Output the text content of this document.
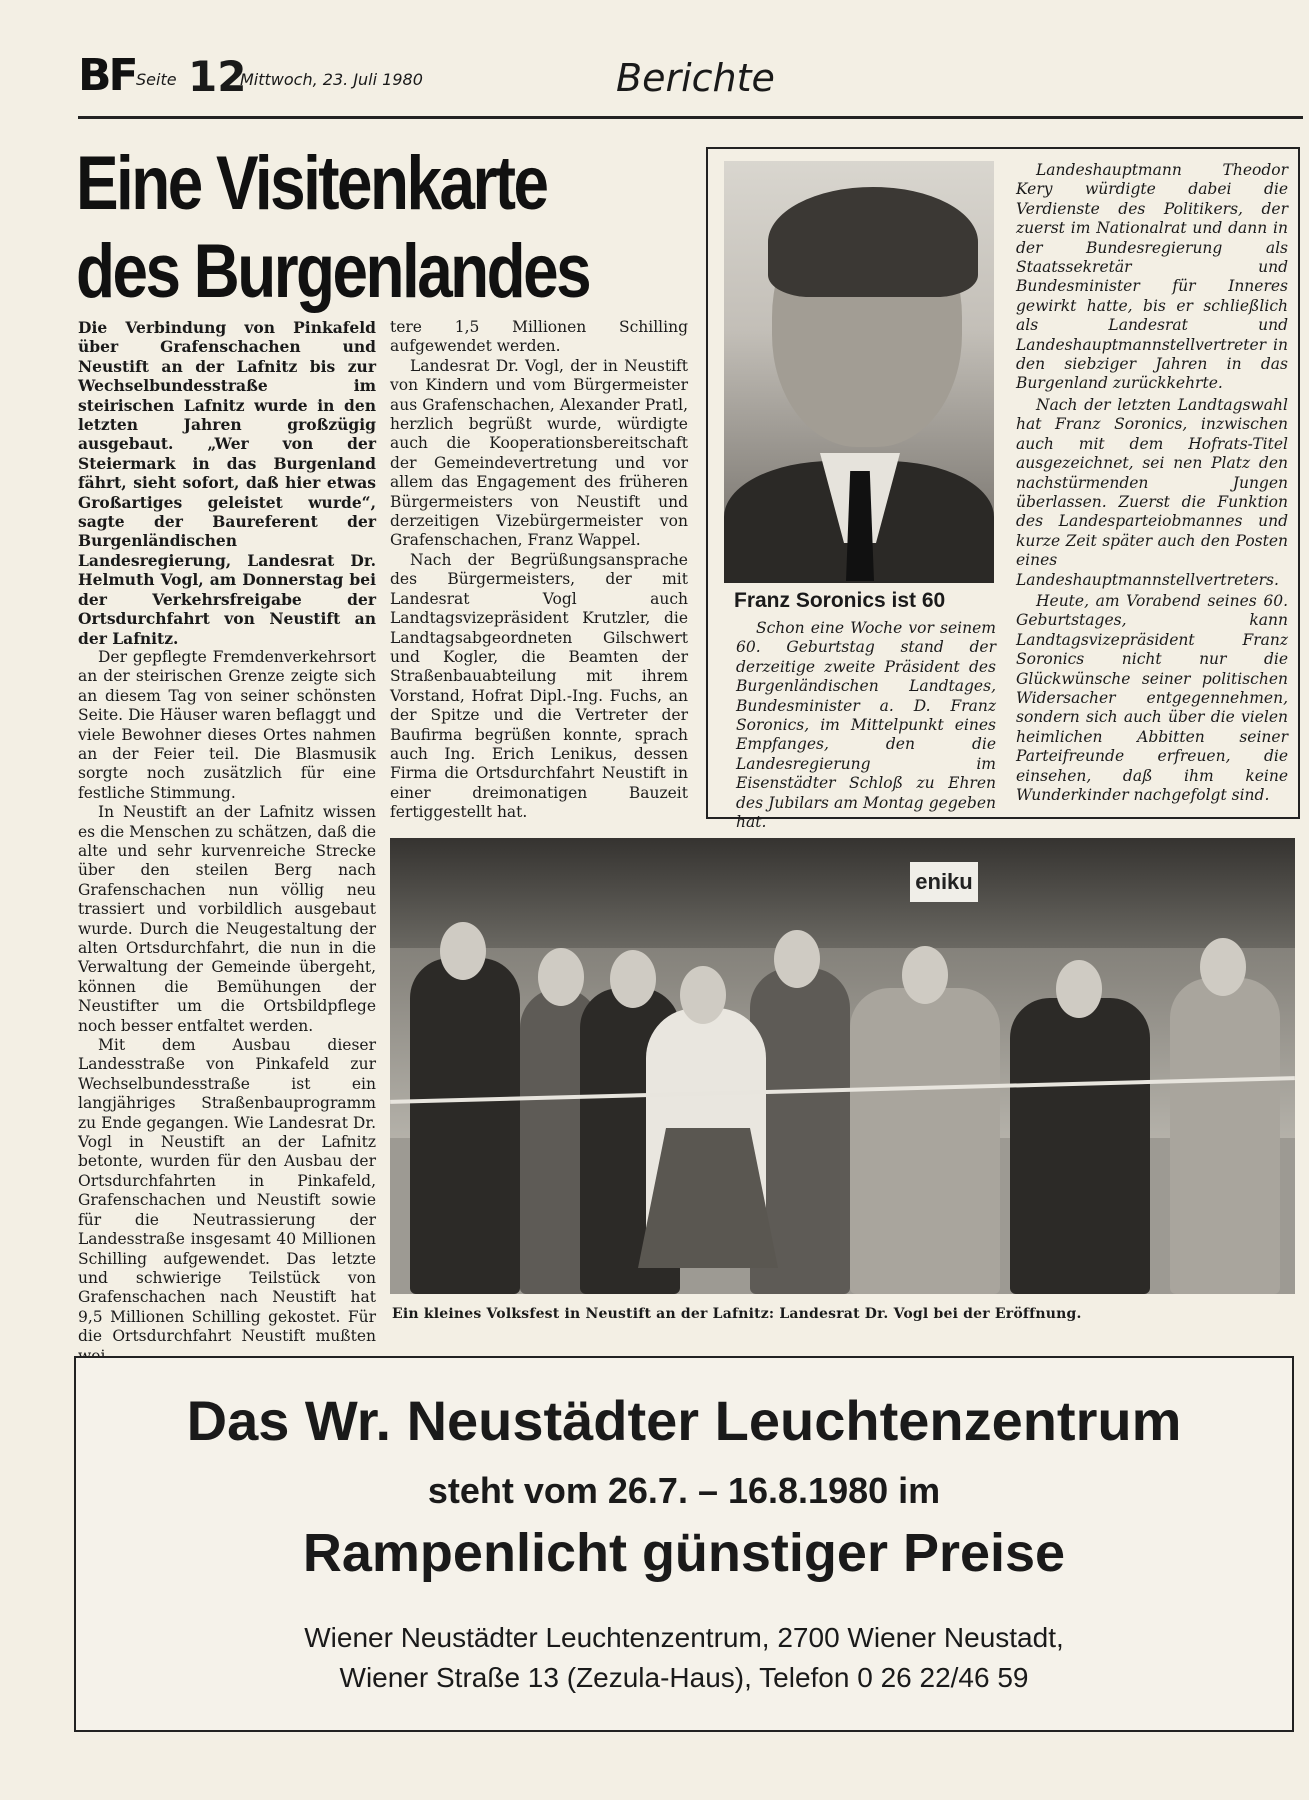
BF Seite 12
Mittwoch, 23. Juli 1980	Berichte
Eine Visitenkarte
des Burgenlandes

Die Verbindung von Pinkafeld über Grafenschachen und Neustift an der Lafnitz bis zur Wechselbundesstraße im steirischen Lafnitz wurde in den letzten Jahren großzügig ausgebaut. „Wer von der Steiermark in das Burgenland fährt, sieht sofort, daß hier etwas Großartiges geleistet wurde“, sagte der Baureferent der Burgenländischen Landesregierung, Landesrat Dr. Helmuth Vogl, am Donnerstag bei der Verkehrsfreigabe der Ortsdurchfahrt von Neustift an der Lafnitz.

Der gepflegte Fremdenverkehrsort an der steirischen Grenze zeigte sich an diesem Tag von seiner schönsten Seite. Die Häuser waren beflaggt und viele Bewohner dieses Ortes nahmen an der Feier teil. Die Blasmusik sorgte noch zusätzlich für eine festliche Stimmung.

In Neustift an der Lafnitz wissen es die Menschen zu schätzen, daß die alte und sehr kurvenreiche Strecke über den steilen Berg nach Grafenschachen nun völlig neu trassiert und vorbildlich ausgebaut wurde. Durch die Neugestaltung der alten Ortsdurchfahrt, die nun in die Verwaltung der Gemeinde übergeht, können die Bemühungen der Neustifter um die Ortsbildpflege noch besser entfaltet werden.

Mit dem Ausbau dieser Landesstraße von Pinkafeld zur Wechselbundesstraße ist ein langjähriges Straßenbauprogramm zu Ende gegangen. Wie Landesrat Dr. Vogl in Neustift an der Lafnitz betonte, wurden für den Ausbau der Ortsdurchfahrten in Pinkafeld, Grafenschachen und Neustift sowie für die Neutrassierung der Landesstraße insgesamt 40 Millionen Schilling aufgewendet. Das letzte und schwierige Teilstück von Grafenschachen nach Neustift hat 9,5 Millionen Schilling gekostet. Für die Ortsdurchfahrt Neustift mußten

tere 1,5 Millionen Schilling aufgewendet werden.

Landesrat Dr. Vogl, der in Neustift von Kindern und vom Bürgermeister aus Grafenschachen, Alexander Pratl, herzlich begrüßt wurde, würdigte auch die Kooperationsbereitschaft der Gemeindevertretung und vor allem das Engagement des früheren Bürgermeisters von Neustift und derzeitigen Vizebürgermeister von Grafenschachen, Franz Wappel.

Nach der Begrüßungsansprache des Bürgermeisters, der mit Landesrat Vogl auch Landtagsvizepräsident Krutzler, die Landtagsabgeordneten Gilschwert und Kogler, die Beamten der Straßenbauabteilung mit ihrem Vorstand, Hofrat Dipl.-Ing. Fuchs, an der Spitze und die Vertreter der Baufirma begrüßen konnte, sprach auch Ing. Erich Lenikus, dessen Firma die Ortsdurchfahrt Neustift in einer dreimonatigen Bauzeit fertiggestellt hat.

Franz Soronics ist 60

Schon eine Woche vor seinem 60. Geburtstag stand der derzeitige zweite Präsident des Burgenländischen Landtages, Bundesminister a. D. Franz Soronics, im Mittelpunkt eines Empfanges, den die Landesregierung im Eisenstädter Schloß zu Ehren des Jubilars am Montag gegeben hat.

Landeshauptmann Theodor Kery würdigte dabei die Verdienste des Politikers, der zuerst im Nationalrat und dann in der Bundesregierung als Staatssekretär und Bundesminister für Inneres gewirkt hatte, bis er schließlich als Landesrat und Landeshauptmannstellvertreter in den siebziger Jahren in das Burgenland zurückkehrte.

Nach der letzten Landtagswahl hat Franz Soronics, inzwischen auch mit dem Hofrats-Titel ausgezeichnet, sei nen Platz den nachstürmenden Jungen überlassen. Zuerst die Funktion des Landesparteiobmannes und kurze Zeit später auch den Posten eines Landeshauptmannstellvertreters.

Heute, am Vorabend seines 60. Geburtstages, kann Landtagsvizepräsident Franz Soronics nicht nur die Glückwünsche seiner politischen Widersacher entgegennehmen, sondern sich auch über die vielen heimlichen Abbitten seiner Parteifreunde erfreuen, die einsehen, daß ihm keine Wunderkinder nachgefolgt sind.

eniku
Ein kleines Volksfest in Neustift an der Lafnitz: Landesrat Dr. Vogl bei der Eröffnung.
Das Wr. Neustädter Leuchtenzentrum
steht vom 26.7. – 16.8.1980 im
Rampenlicht günstiger Preise
Wiener Neustädter Leuchtenzentrum, 2700 Wiener Neustadt,
Wiener Straße 13 (Zezula-Haus), Telefon 0 26 22/46 59
